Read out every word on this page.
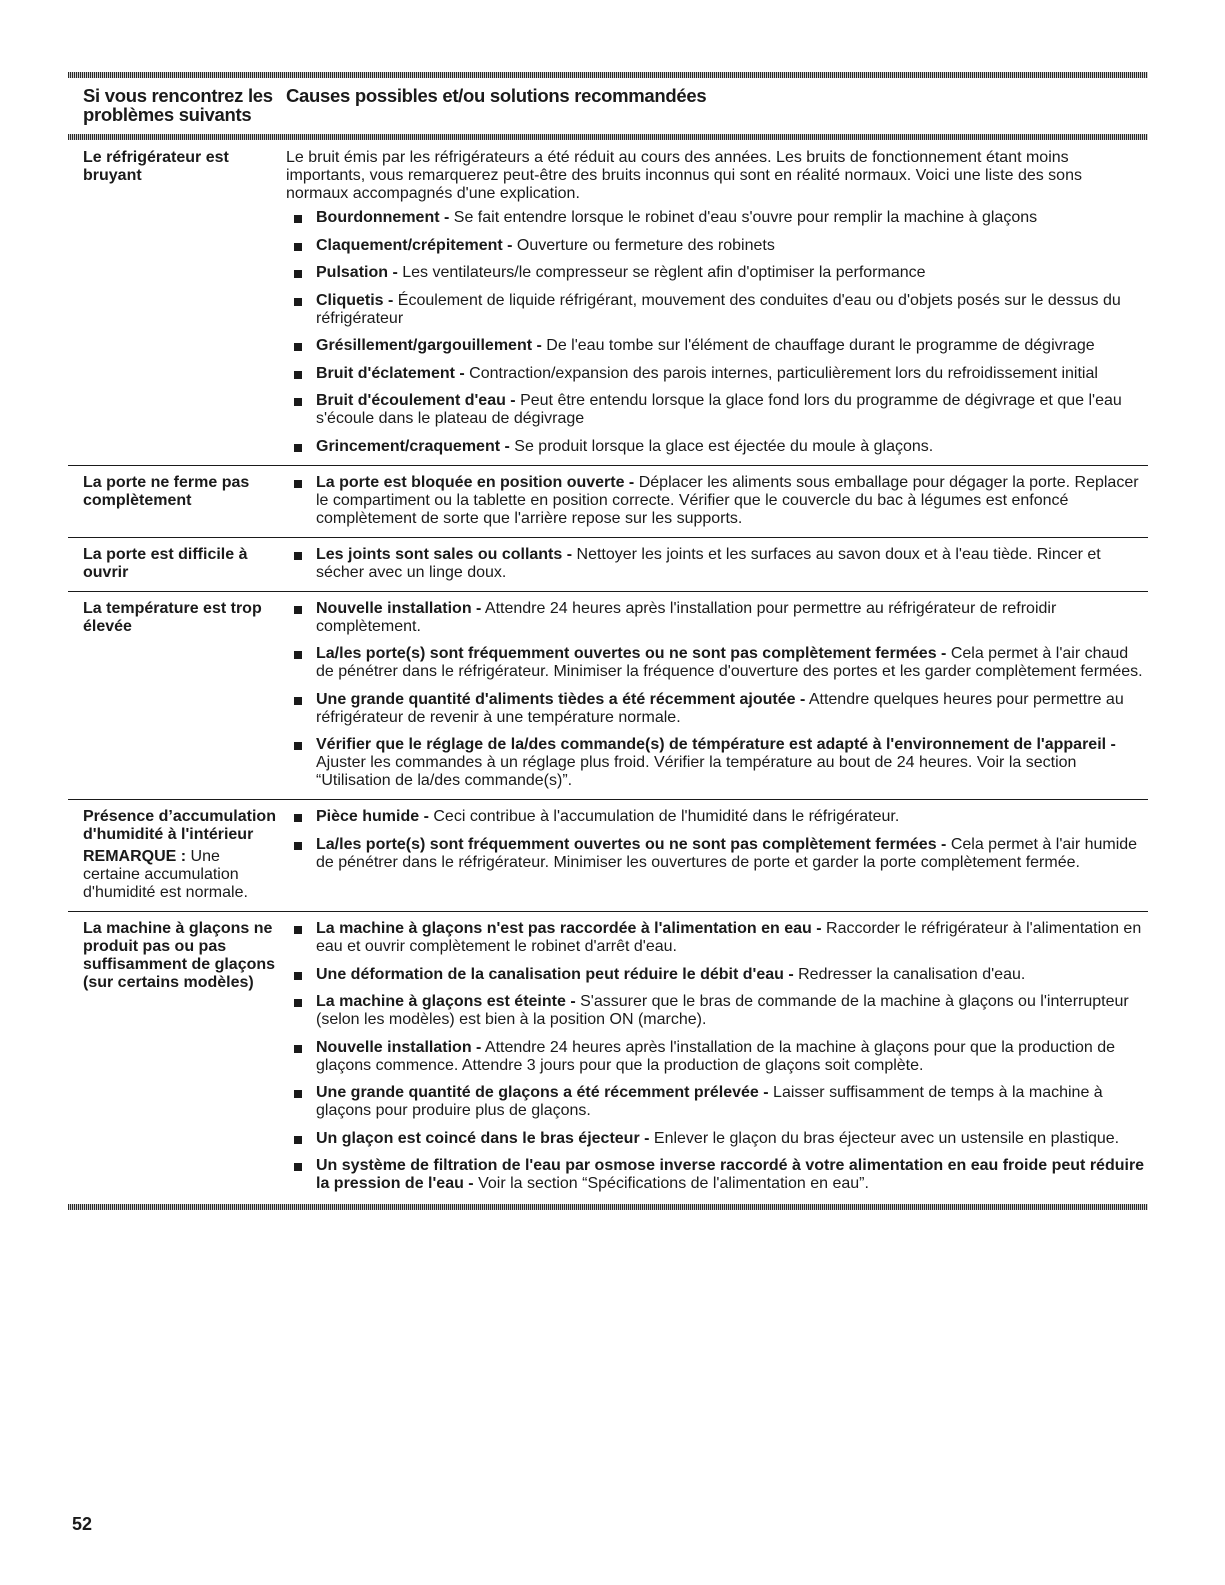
Si vous rencontrez les problèmes suivants
Causes possibles et/ou solutions recommandées
Le réfrigérateur est bruyant

Le bruit émis par les réfrigérateurs a été réduit au cours des années. Les bruits de fonctionnement étant moins importants, vous remarquerez peut-être des bruits inconnus qui sont en réalité normaux. Voici une liste des sons normaux accompagnés d'une explication.

Bourdonnement - Se fait entendre lorsque le robinet d'eau s'ouvre pour remplir la machine à glaçons
Claquement/crépitement - Ouverture ou fermeture des robinets
Pulsation - Les ventilateurs/le compresseur se règlent afin d'optimiser la performance
Cliquetis - Écoulement de liquide réfrigérant, mouvement des conduites d'eau ou d'objets posés sur le dessus du réfrigérateur
Grésillement/gargouillement - De l'eau tombe sur l'élément de chauffage durant le programme de dégivrage
Bruit d'éclatement - Contraction/expansion des parois internes, particulièrement lors du refroidissement initial
Bruit d'écoulement d'eau - Peut être entendu lorsque la glace fond lors du programme de dégivrage et que l'eau s'écoule dans le plateau de dégivrage
Grincement/craquement - Se produit lorsque la glace est éjectée du moule à glaçons.
La porte ne ferme pas complètement
La porte est bloquée en position ouverte - Déplacer les aliments sous emballage pour dégager la porte. Replacer le compartiment ou la tablette en position correcte. Vérifier que le couvercle du bac à légumes est enfoncé complètement de sorte que l'arrière repose sur les supports.
La porte est difficile à ouvrir
Les joints sont sales ou collants - Nettoyer les joints et les surfaces au savon doux et à l'eau tiède. Rincer et sécher avec un linge doux.
La température est trop élevée
Nouvelle installation - Attendre 24 heures après l'installation pour permettre au réfrigérateur de refroidir complètement.
La/les porte(s) sont fréquemment ouvertes ou ne sont pas complètement fermées - Cela permet à l'air chaud de pénétrer dans le réfrigérateur. Minimiser la fréquence d'ouverture des portes et les garder complètement fermées.
Une grande quantité d'aliments tièdes a été récemment ajoutée - Attendre quelques heures pour permettre au réfrigérateur de revenir à une température normale.
Vérifier que le réglage de la/des commande(s) de témpérature est adapté à l'environnement de l'appareil - Ajuster les commandes à un réglage plus froid. Vérifier la température au bout de 24 heures. Voir la section “Utilisation de la/des commande(s)”.
Présence d’accumulation d'humidité à l'intérieur
REMARQUE : Une certaine accumulation d'humidité est normale.
Pièce humide - Ceci contribue à l'accumulation de l'humidité dans le réfrigérateur.
La/les porte(s) sont fréquemment ouvertes ou ne sont pas complètement fermées - Cela permet à l'air humide de pénétrer dans le réfrigérateur. Minimiser les ouvertures de porte et garder la porte complètement fermée.
La machine à glaçons ne produit pas ou pas suffisamment de glaçons (sur certains modèles)
La machine à glaçons n'est pas raccordée à l'alimentation en eau - Raccorder le réfrigérateur à l'alimentation en eau et ouvrir complètement le robinet d'arrêt d'eau.
Une déformation de la canalisation peut réduire le débit d'eau - Redresser la canalisation d'eau.
La machine à glaçons est éteinte - S'assurer que le bras de commande de la machine à glaçons ou l'interrupteur (selon les modèles) est bien à la position ON (marche).
Nouvelle installation - Attendre 24 heures après l'installation de la machine à glaçons pour que la production de glaçons commence. Attendre 3 jours pour que la production de glaçons soit complète.
Une grande quantité de glaçons a été récemment prélevée - Laisser suffisamment de temps à la machine à glaçons pour produire plus de glaçons.
Un glaçon est coincé dans le bras éjecteur - Enlever le glaçon du bras éjecteur avec un ustensile en plastique.
Un système de filtration de l'eau par osmose inverse raccordé à votre alimentation en eau froide peut réduire la pression de l'eau - Voir la section “Spécifications de l'alimentation en eau”.
52
